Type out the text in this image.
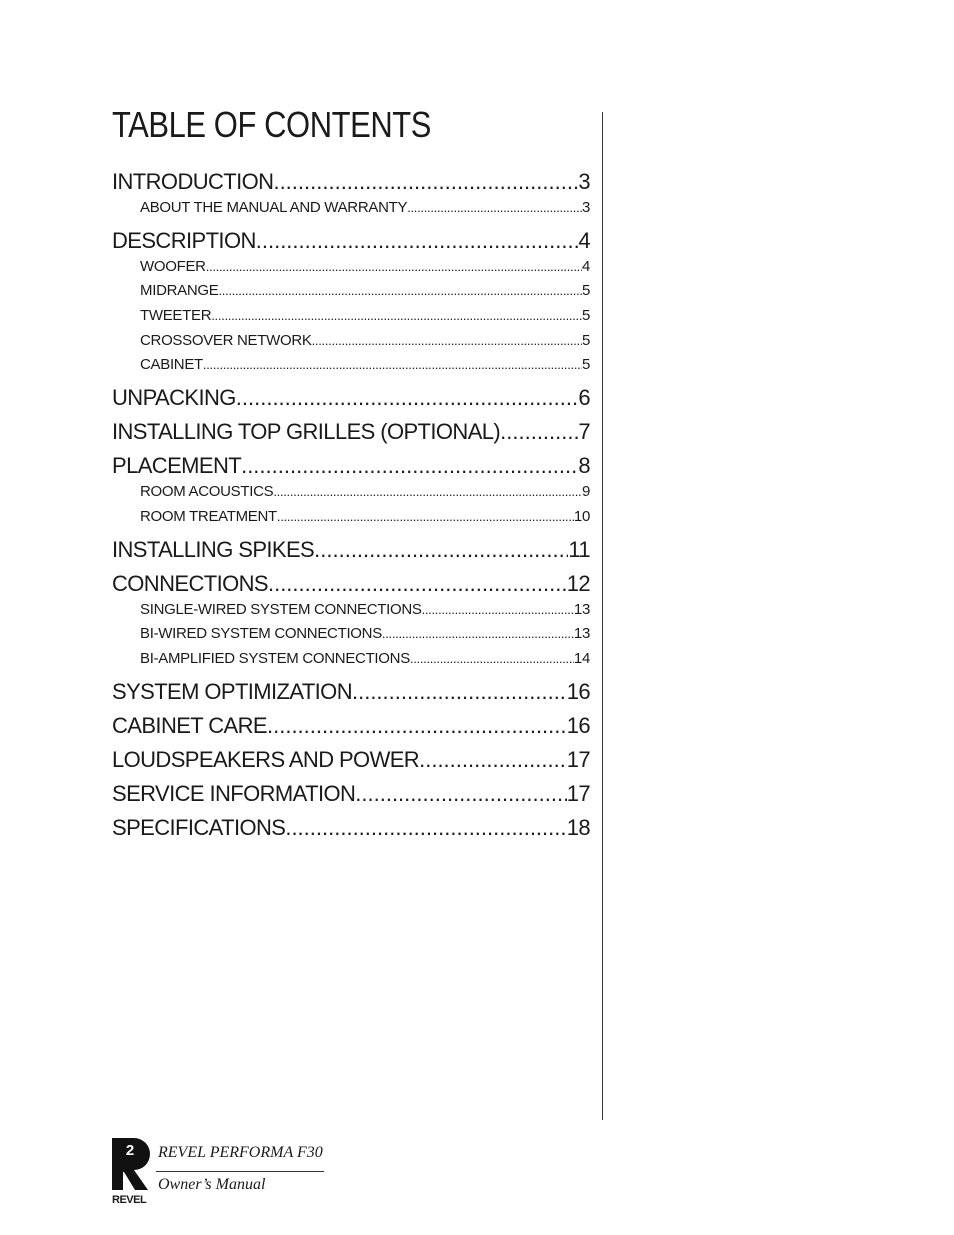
TABLE OF CONTENTS
INTRODUCTION .....	3
ABOUT THE MANUAL AND WARRANTY .....	3
DESCRIPTION .....	4
WOOFER .....	4
MIDRANGE .....	5
TWEETER .....	5
CROSSOVER NETWORK .....	5
CABINET .....	5
UNPACKING .....	6
INSTALLING TOP GRILLES (OPTIONAL) .....	7
PLACEMENT .....	8
ROOM ACOUSTICS .....	9
ROOM TREATMENT .....	10
INSTALLING SPIKES .....	11
CONNECTIONS .....	12
SINGLE-WIRED SYSTEM CONNECTIONS .....	13
BI-WIRED SYSTEM CONNECTIONS .....	13
BI-AMPLIFIED SYSTEM CONNECTIONS .....	14
SYSTEM OPTIMIZATION .....	16
CABINET CARE .....	16
LOUDSPEAKERS AND POWER .....	17
SERVICE INFORMATION .....	17
SPECIFICATIONS .....	18
2
REVEL
REVEL PERFORMA F30
Owner’s Manual
